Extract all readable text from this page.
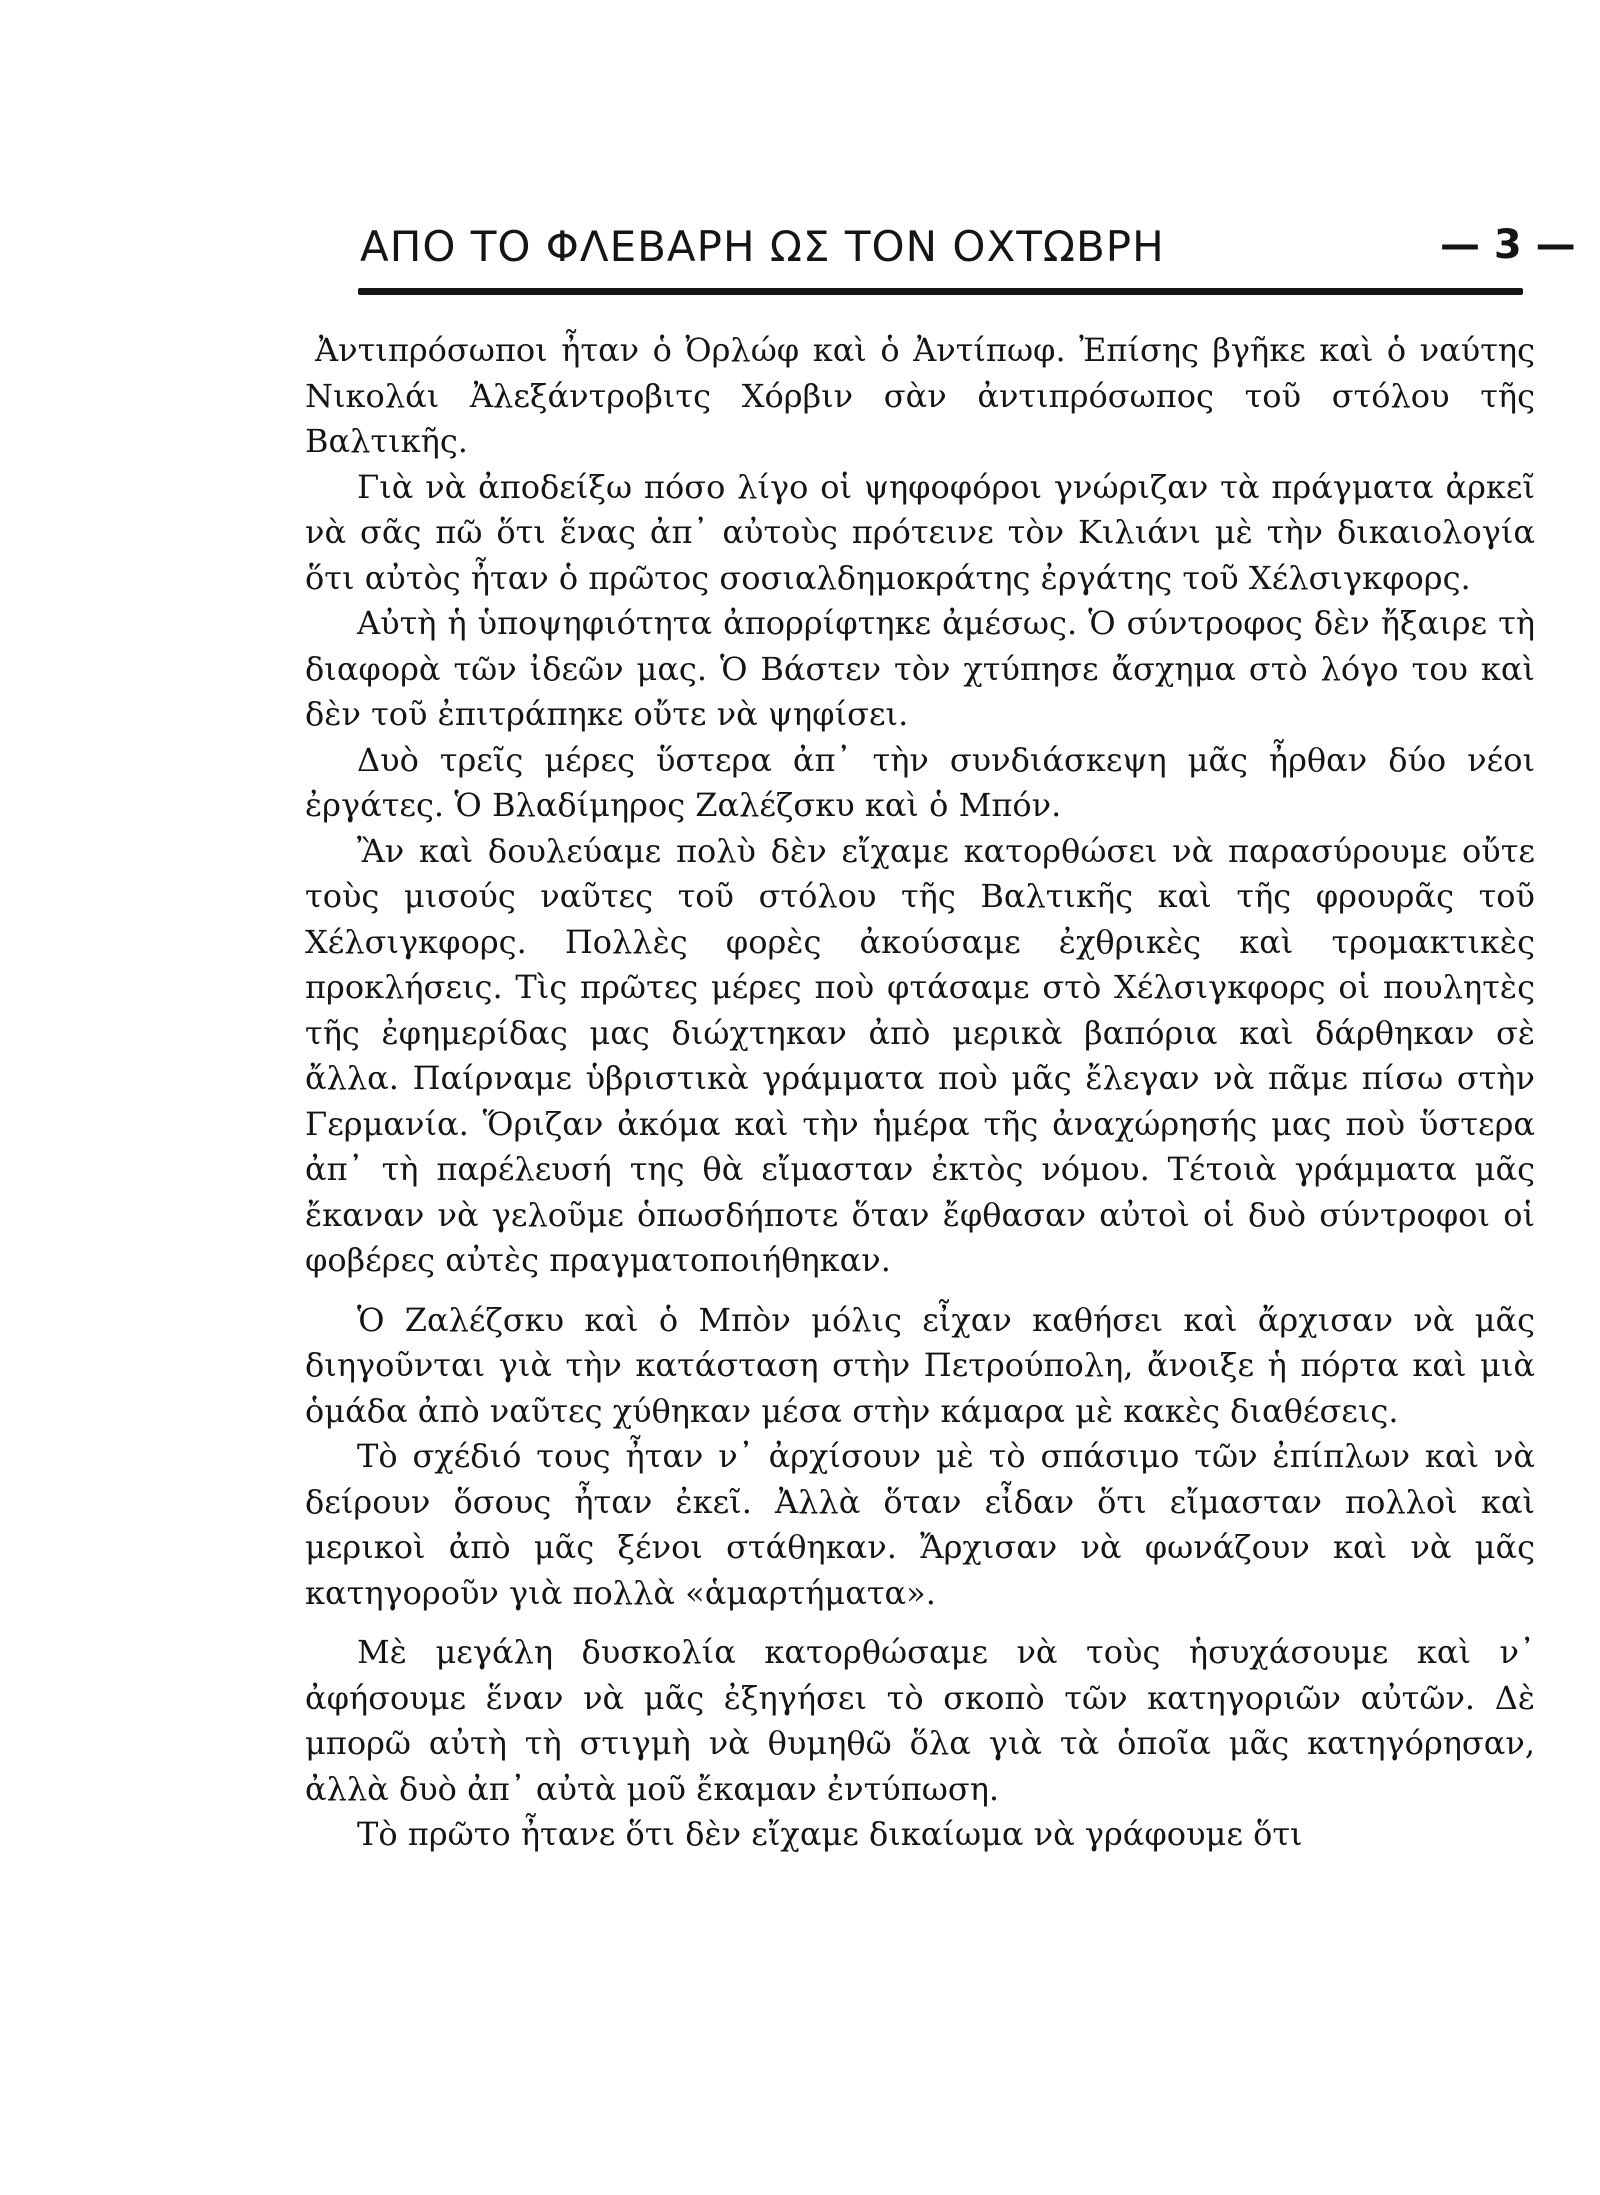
ΑΠΟ ΤΟ ΦΛΕΒΑΡΗ ΩΣ ΤΟΝ ΟΧΤΩΒΡΗ	— 3 —

Ἀντιπρόσωποι ἦταν ὁ Ὀρλώφ καὶ ὁ Ἀντίπωφ. Ἐπίσης βγῆκε καὶ ὁ ναύτης Νικολάι Ἀλεξάντροβιτς Χόρβιν σὰν ἀντιπρόσωπος τοῦ στόλου τῆς Βαλτικῆς.

Γιὰ νὰ ἀποδείξω πόσο λίγο οἱ ψηφοφόροι γνώριζαν τὰ πράγματα ἀρκεῖ νὰ σᾶς πῶ ὅτι ἕνας ἀπ᾽ αὐτοὺς πρότεινε τὸν Κιλιάνι μὲ τὴν δικαιολογία ὅτι αὐτὸς ἦταν ὁ πρῶτος σοσιαλδημοκράτης ἐργάτης τοῦ Χέλσιγκφορς.

Αὐτὴ ἡ ὑποψηφιότητα ἀπορρίφτηκε ἀμέσως. Ὁ σύντροφος δὲν ἤξαιρε τὴ διαφορὰ τῶν ἰδεῶν μας. Ὁ Βάστεν τὸν χτύπησε ἄσχημα στὸ λόγο του καὶ δὲν τοῦ ἐπιτράπηκε οὔτε νὰ ψηφίσει.

Δυὸ τρεῖς μέρες ὕστερα ἀπ᾽ τὴν συνδιάσκεψη μᾶς ἦρθαν δύο νέοι ἐργάτες. Ὁ Βλαδίμηρος Ζαλέζσκυ καὶ ὁ Μπόν.

Ἂν καὶ δουλεύαμε πολὺ δὲν εἴχαμε κατορθώσει νὰ παρασύρουμε οὔτε τοὺς μισούς ναῦτες τοῦ στόλου τῆς Βαλτικῆς καὶ τῆς φρουρᾶς τοῦ Χέλσιγκφορς. Πολλὲς φορὲς ἀκούσαμε ἐχθρικὲς καὶ τρομακτικὲς προκλήσεις. Τὶς πρῶτες μέρες ποὺ φτάσαμε στὸ Χέλσιγκφορς οἱ πουλητὲς τῆς ἐφημερίδας μας διώχτηκαν ἀπὸ μερικὰ βαπόρια καὶ δάρθηκαν σὲ ἄλλα. Παίρναμε ὑβριστικὰ γράμματα ποὺ μᾶς ἔλεγαν νὰ πᾶμε πίσω στὴν Γερμανία. Ὅριζαν ἀκόμα καὶ τὴν ἡμέρα τῆς ἀναχώρησής μας ποὺ ὕστερα ἀπ᾽ τὴ παρέλευσή της θὰ εἴμασταν ἐκτὸς νόμου. Τέτοιὰ γράμματα μᾶς ἔκαναν νὰ γελοῦμε ὁπωσδήποτε ὅταν ἔφθασαν αὐτοὶ οἱ δυὸ σύντροφοι οἱ φοβέρες αὐτὲς πραγματοποιήθηκαν.

Ὁ Ζαλέζσκυ καὶ ὁ Μπὸν μόλις εἶχαν καθήσει καὶ ἄρχισαν νὰ μᾶς διηγοῦνται γιὰ τὴν κατάσταση στὴν Πετρούπολη, ἄνοιξε ἡ πόρτα καὶ μιὰ ὁμάδα ἀπὸ ναῦτες χύθηκαν μέσα στὴν κάμαρα μὲ κακὲς διαθέσεις.

Τὸ σχέδιό τους ἦταν ν᾽ ἀρχίσουν μὲ τὸ σπάσιμο τῶν ἐπίπλων καὶ νὰ δείρουν ὅσους ἦταν ἐκεῖ. Ἀλλὰ ὅταν εἶδαν ὅτι εἴμασταν πολλοὶ καὶ μερικοὶ ἀπὸ μᾶς ξένοι στάθηκαν. Ἄρχισαν νὰ φωνάζουν καὶ νὰ μᾶς κατηγοροῦν γιὰ πολλὰ «ἁμαρτήματα».

Μὲ μεγάλη δυσκολία κατορθώσαμε νὰ τοὺς ἡσυχάσουμε καὶ ν᾽ ἀφήσουμε ἕναν νὰ μᾶς ἐξηγήσει τὸ σκοπὸ τῶν κατηγοριῶν αὐτῶν. Δὲ μπορῶ αὐτὴ τὴ στιγμὴ νὰ θυμηθῶ ὅλα γιὰ τὰ ὁποῖα μᾶς κατηγόρησαν, ἀλλὰ δυὸ ἀπ᾽ αὐτὰ μοῦ ἔκαμαν ἐντύπωση.

Τὸ πρῶτο ἦτανε ὅτι δὲν εἴχαμε δικαίωμα νὰ γράφουμε ὅτι
